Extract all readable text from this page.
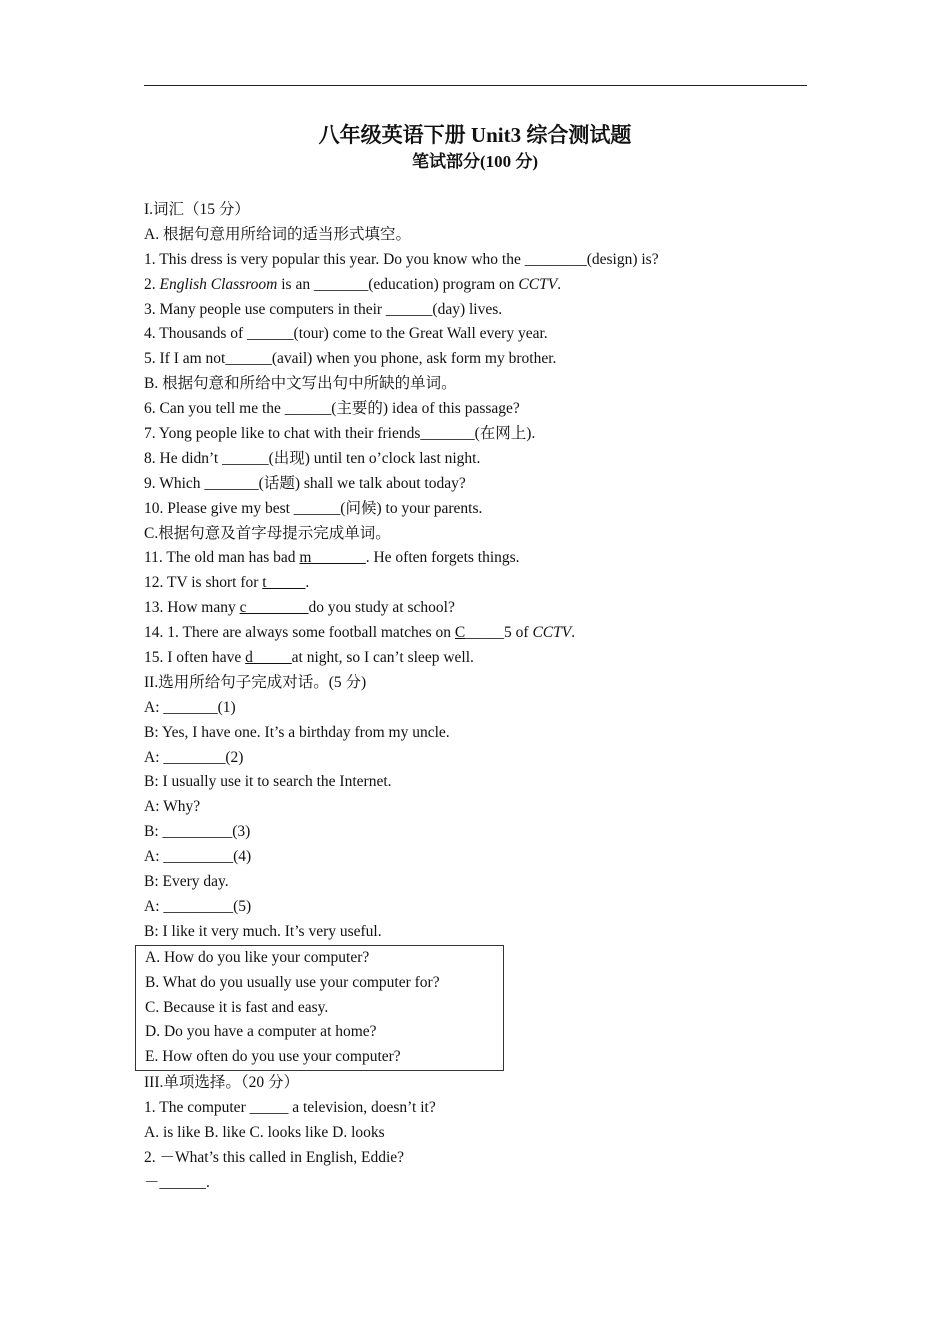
八年级英语下册 Unit3 综合测试题
笔试部分(100 分)
I.词汇（15 分）
A. 根据句意用所给词的适当形式填空。
1. This dress is very popular this year. Do you know who the ________(design) is?
2. English Classroom is an _______(education) program on CCTV.
3. Many people use computers in their ______(day) lives.
4. Thousands of ______(tour) come to the Great Wall every year.
5. If I am not______(avail) when you phone, ask form my brother.
B. 根据句意和所给中文写出句中所缺的单词。
6. Can you tell me the ______(主要的) idea of this passage?
7. Yong people like to chat with their friends_______(在网上).
8. He didn’t ______(出现) until ten o’clock last night.
9. Which _______(话题) shall we talk about today?
10. Please give my best ______(问候) to your parents.
C.根据句意及首字母提示完成单词。
11. The old man has bad m_______. He often forgets things.
12. TV is short for t_____.
13. How many c________do you study at school?
14. 1. There are always some football matches on C_____5 of CCTV.
15. I often have d_____at night, so I can’t sleep well.
II.选用所给句子完成对话。(5 分)
A: _______(1)
B: Yes, I have one. It’s a birthday from my uncle.
A: ________(2)
B: I usually use it to search the Internet.
A: Why?
B: _________(3)
A: _________(4)
B: Every day.
A: _________(5)
B: I like it very much. It’s very useful.
A. How do you like your computer?
B. What do you usually use your computer for?
C. Because it is fast and easy.
D. Do you have a computer at home?
E. How often do you use your computer?
III.单项选择。（20 分）
1. The computer _____ a television, doesn’t it?
A. is like B. like C. looks like D. looks
2. －What’s this called in English, Eddie?
－______.
